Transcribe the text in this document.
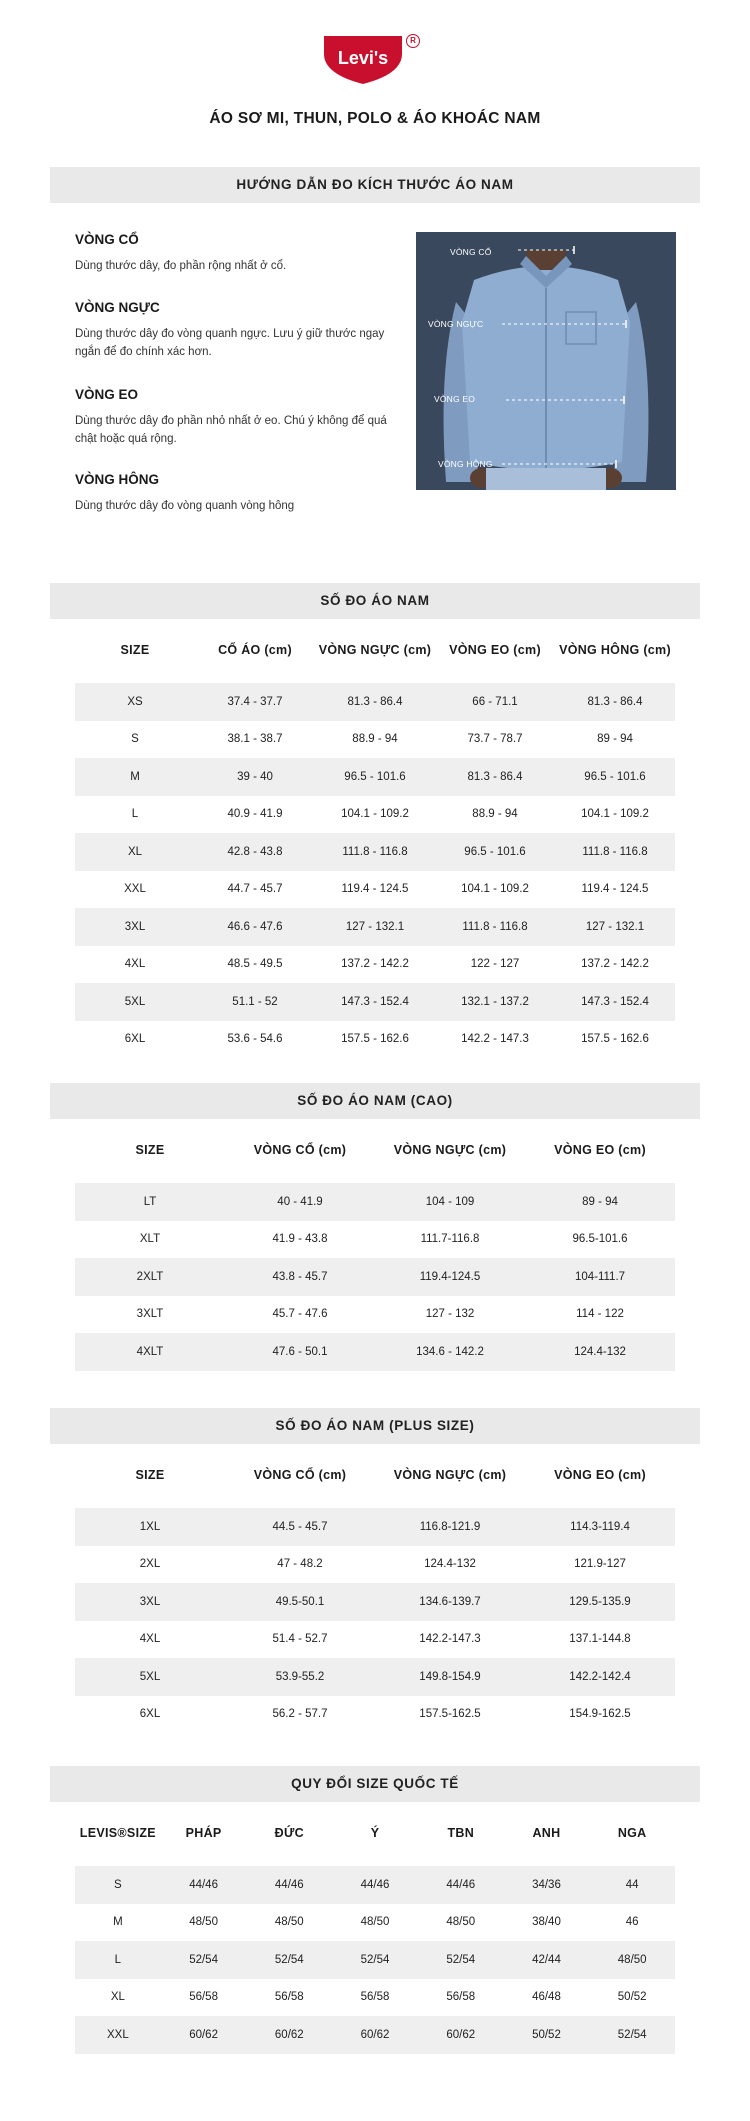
Levi's
R
ÁO SƠ MI, THUN, POLO & ÁO KHOÁC NAM
HƯỚNG DẪN ĐO KÍCH THƯỚC ÁO NAM
VÒNG CỔ
Dùng thước dây, đo phần rộng nhất ở cổ.
VÒNG NGỰC
Dùng thước dây đo vòng quanh ngực. Lưu ý giữ thước ngay ngắn để đo chính xác hơn.
VÒNG EO
Dùng thước dây đo phần nhỏ nhất ở eo. Chú ý không để quá chật hoặc quá rộng.
VÒNG HÔNG
Dùng thước dây đo vòng quanh vòng hông
VÒNG CỔ
VÒNG NGỰC
VÒNG EO
VÒNG HÔNG
SỐ ĐO ÁO NAM
SIZE	CỔ ÁO (cm)	VÒNG NGỰC (cm)	VÒNG EO (cm)	VÒNG HÔNG (cm)
XS	37.4 - 37.7	81.3 - 86.4	66 - 71.1	81.3 - 86.4
S	38.1 - 38.7	88.9 - 94	73.7 - 78.7	89 - 94
M	39 - 40	96.5 - 101.6	81.3 - 86.4	96.5 - 101.6
L	40.9 - 41.9	104.1 - 109.2	88.9 - 94	104.1 - 109.2
XL	42.8 - 43.8	111.8 - 116.8	96.5 - 101.6	111.8 - 116.8
XXL	44.7 - 45.7	119.4 - 124.5	104.1 - 109.2	119.4 - 124.5
3XL	46.6 - 47.6	127 - 132.1	111.8 - 116.8	127 - 132.1
4XL	48.5 - 49.5	137.2 - 142.2	122 - 127	137.2 - 142.2
5XL	51.1 - 52	147.3 - 152.4	132.1 - 137.2	147.3 - 152.4
6XL	53.6 - 54.6	157.5 - 162.6	142.2 - 147.3	157.5 - 162.6
SỐ ĐO ÁO NAM (CAO)
SIZE	VÒNG CỔ (cm)	VÒNG NGỰC (cm)	VÒNG EO (cm)
LT	40 - 41.9	104 - 109	89 - 94
XLT	41.9 - 43.8	111.7-116.8	96.5-101.6
2XLT	43.8 - 45.7	119.4-124.5	104-111.7
3XLT	45.7 - 47.6	127 - 132	114 - 122
4XLT	47.6 - 50.1	134.6 - 142.2	124.4-132
SỐ ĐO ÁO NAM (PLUS SIZE)
SIZE	VÒNG CỔ (cm)	VÒNG NGỰC (cm)	VÒNG EO (cm)
1XL	44.5 - 45.7	116.8-121.9	114.3-119.4
2XL	47 - 48.2	124.4-132	121.9-127
3XL	49.5-50.1	134.6-139.7	129.5-135.9
4XL	51.4 - 52.7	142.2-147.3	137.1-144.8
5XL	53.9-55.2	149.8-154.9	142.2-142.4
6XL	56.2 - 57.7	157.5-162.5	154.9-162.5
QUY ĐỔI SIZE QUỐC TẾ
LEVIS®SIZE	PHÁP	ĐỨC	Ý	TBN	ANH	NGA
S	44/46	44/46	44/46	44/46	34/36	44
M	48/50	48/50	48/50	48/50	38/40	46
L	52/54	52/54	52/54	52/54	42/44	48/50
XL	56/58	56/58	56/58	56/58	46/48	50/52
XXL	60/62	60/62	60/62	60/62	50/52	52/54
